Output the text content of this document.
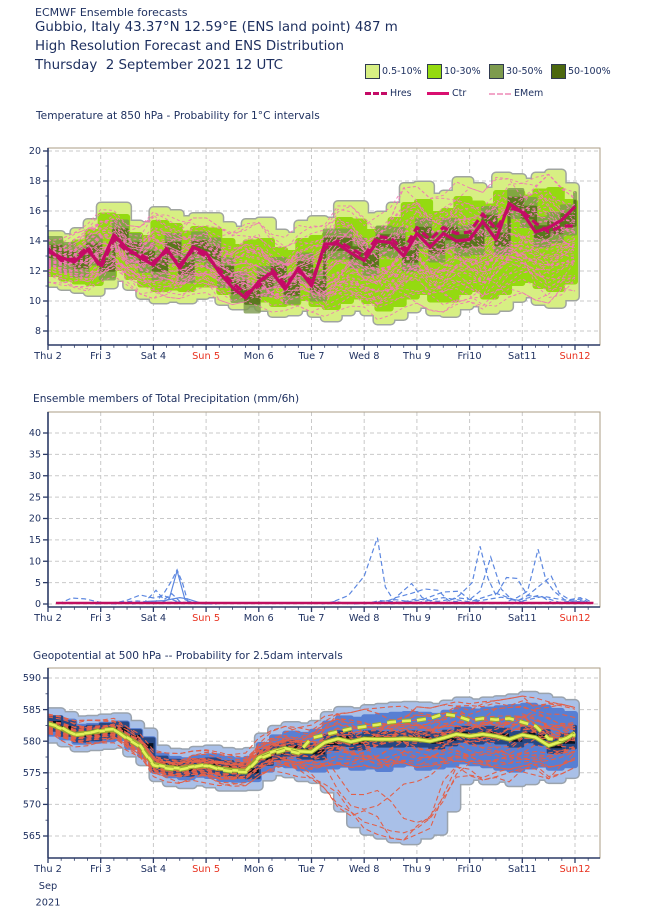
ECMWF Ensemble forecasts
Gubbio, Italy 43.37°N 12.59°E (ENS land point) 487 m
High Resolution Forecast and ENS Distribution
Thursday  2 September 2021 12 UTC	0.5-10% 10-30%	30-50%	50-100%
Hres	Ctr	EMem
Temperature at 850 hPa - Probability for 1°C intervals
Ensemble members of Total Precipitation (mm/6h)
Geopotential at 500 hPa -- Probability for 2.5dam intervals
8
10
12
14
16
18
20
Thu 2	Fri 3	Sat 4	Sun 5 Mon 6	Tue 7 Wed 8 Thu 9	Fri10	Sat11 Sun12
0
5
10
15
20
25
30
35
40
Thu 2	Fri 3	Sat 4	Sun 5 Mon 6	Tue 7 Wed 8 Thu 9	Fri10	Sat11 Sun12
565
570
575
580
585
590
Thu 2	Fri 3	Sat 4	Sun 5 Mon 6	Tue 7 Wed 8 Thu 9	Fri10	Sat11 Sun12
Sep
2021
